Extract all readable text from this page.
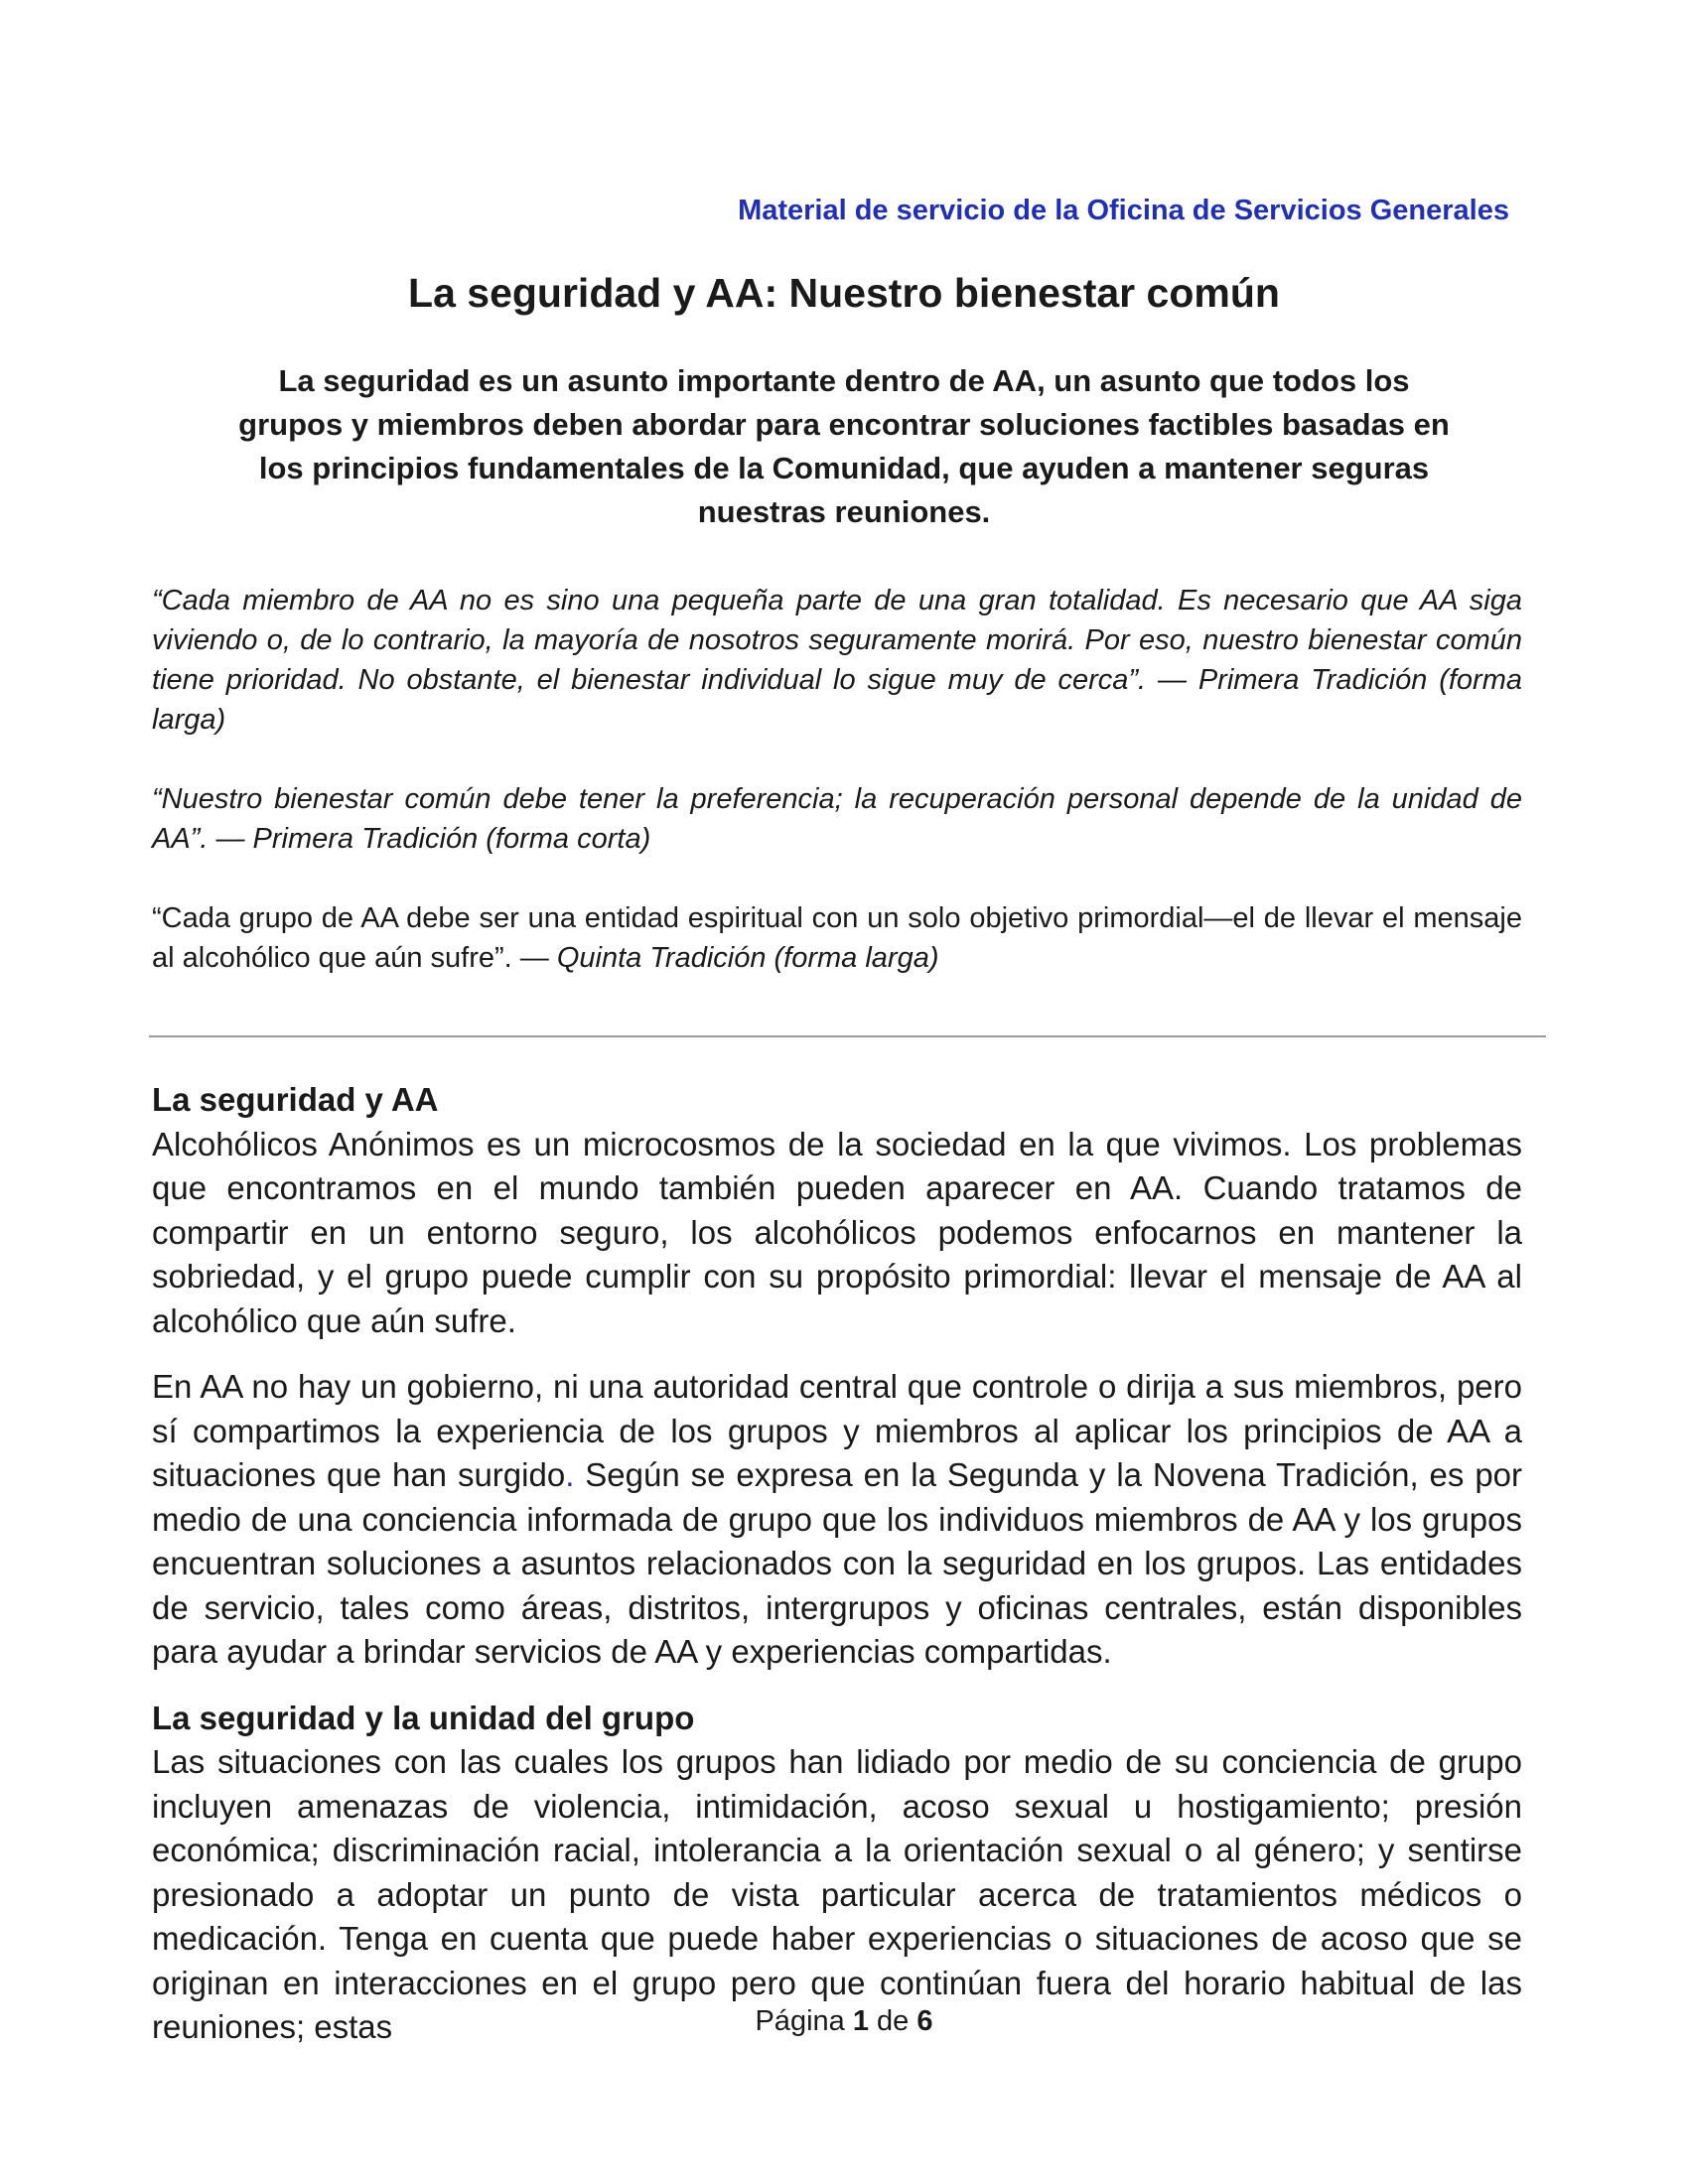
Material de servicio de la Oficina de Servicios Generales
La seguridad y AA: Nuestro bienestar común
La seguridad es un asunto importante dentro de AA, un asunto que todos los grupos y miembros deben abordar para encontrar soluciones factibles basadas en los principios fundamentales de la Comunidad, que ayuden a mantener seguras nuestras reuniones.

“Cada miembro de AA no es sino una pequeña parte de una gran totalidad. Es necesario que AA siga viviendo o, de lo contrario, la mayoría de nosotros seguramente morirá. Por eso, nuestro bienestar común tiene prioridad. No obstante, el bienestar individual lo sigue muy de cerca”. — Primera Tradición (forma larga)

“Nuestro bienestar común debe tener la preferencia; la recuperación personal depende de la unidad de AA”. — Primera Tradición (forma corta)

“Cada grupo de AA debe ser una entidad espiritual con un solo objetivo primordial—el de llevar el mensaje al alcohólico que aún sufre”. — Quinta Tradición (forma larga)

La seguridad y AA

Alcohólicos Anónimos es un microcosmos de la sociedad en la que vivimos. Los problemas que encontramos en el mundo también pueden aparecer en AA. Cuando tratamos de compartir en un entorno seguro, los alcohólicos podemos enfocarnos en mantener la sobriedad, y el grupo puede cumplir con su propósito primordial: llevar el mensaje de AA al alcohólico que aún sufre.

En AA no hay un gobierno, ni una autoridad central que controle o dirija a sus miembros, pero sí compartimos la experiencia de los grupos y miembros al aplicar los principios de AA a situaciones que han surgido. Según se expresa en la Segunda y la Novena Tradición, es por medio de una conciencia informada de grupo que los individuos miembros de AA y los grupos encuentran soluciones a asuntos relacionados con la seguridad en los grupos. Las entidades de servicio, tales como áreas, distritos, intergrupos y oficinas centrales, están disponibles para ayudar a brindar servicios de AA y experiencias compartidas.

La seguridad y la unidad del grupo

Las situaciones con las cuales los grupos han lidiado por medio de su conciencia de grupo incluyen amenazas de violencia, intimidación, acoso sexual u hostigamiento; presión económica; discriminación racial, intolerancia a la orientación sexual o al género; y sentirse presionado a adoptar un punto de vista particular acerca de tratamientos médicos o medicación. Tenga en cuenta que puede haber experiencias o situaciones de acoso que se originan en interacciones en el grupo pero que continúan fuera del horario habitual de las reuniones; estas	Página 1 de 6
